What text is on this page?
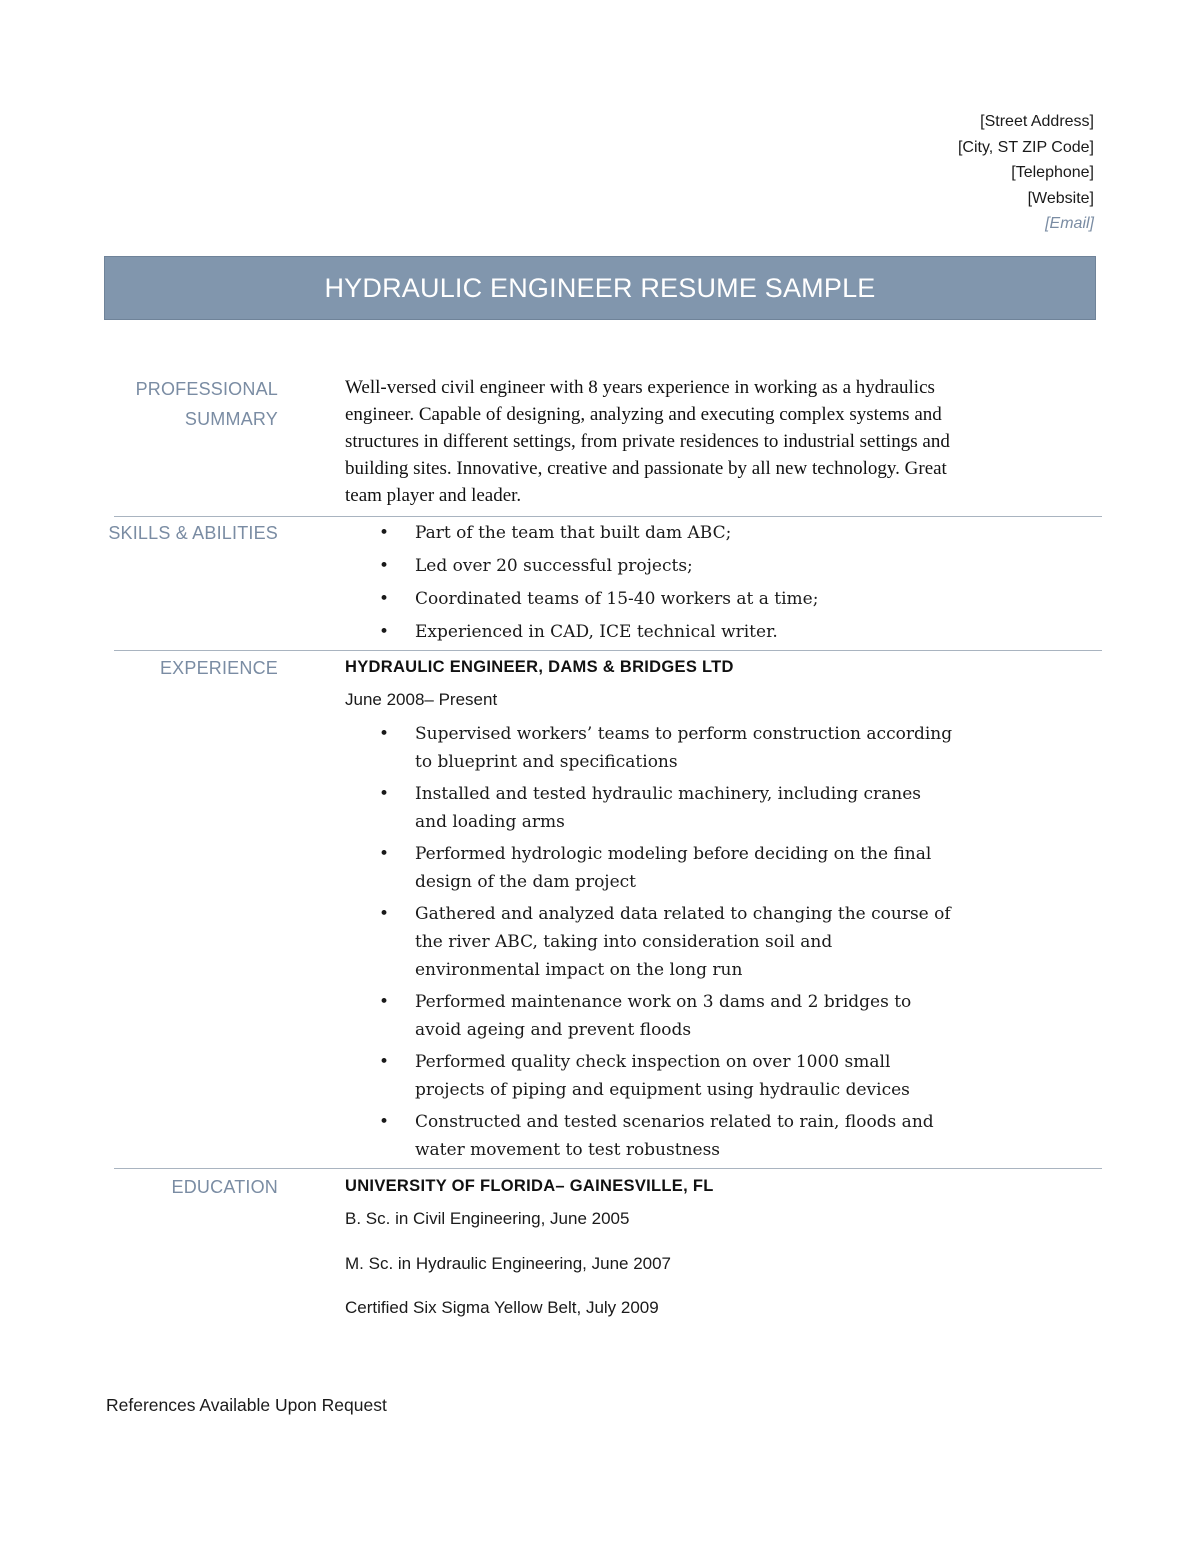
[Street Address]
[City, ST ZIP Code]
[Telephone]
[Website]
[Email]
HYDRAULIC ENGINEER RESUME SAMPLE
PROFESSIONAL
SUMMARY
Well-versed civil engineer with 8 years experience in working as a hydraulics engineer. Capable of designing, analyzing and executing complex systems and structures in different settings, from private residences to industrial settings and building sites. Innovative, creative and passionate by all new technology. Great team player and leader.
SKILLS & ABILITIES	• Part of the team that built dam ABC;
• Led over 20 successful projects;
• Coordinated teams of 15-40 workers at a time;
• Experienced in CAD, ICE technical writer.
EXPERIENCE	HYDRAULIC ENGINEER, DAMS & BRIDGES LTD
June 2008– Present
• Supervised workers’ teams to perform construction according to blueprint and specifications
• Installed and tested hydraulic machinery, including cranes and loading arms
• Performed hydrologic modeling before deciding on the final design of the dam project
• Gathered and analyzed data related to changing the course of the river ABC, taking into consideration soil and environmental impact on the long run
• Performed maintenance work on 3 dams and 2 bridges to avoid ageing and prevent floods
• Performed quality check inspection on over 1000 small projects of piping and equipment using hydraulic devices
• Constructed and tested scenarios related to rain, floods and water movement to test robustness
EDUCATION	UNIVERSITY OF FLORIDA– GAINESVILLE, FL
B. Sc. in Civil Engineering, June 2005
M. Sc. in Hydraulic Engineering, June 2007
Certified Six Sigma Yellow Belt, July 2009
References Available Upon Request
